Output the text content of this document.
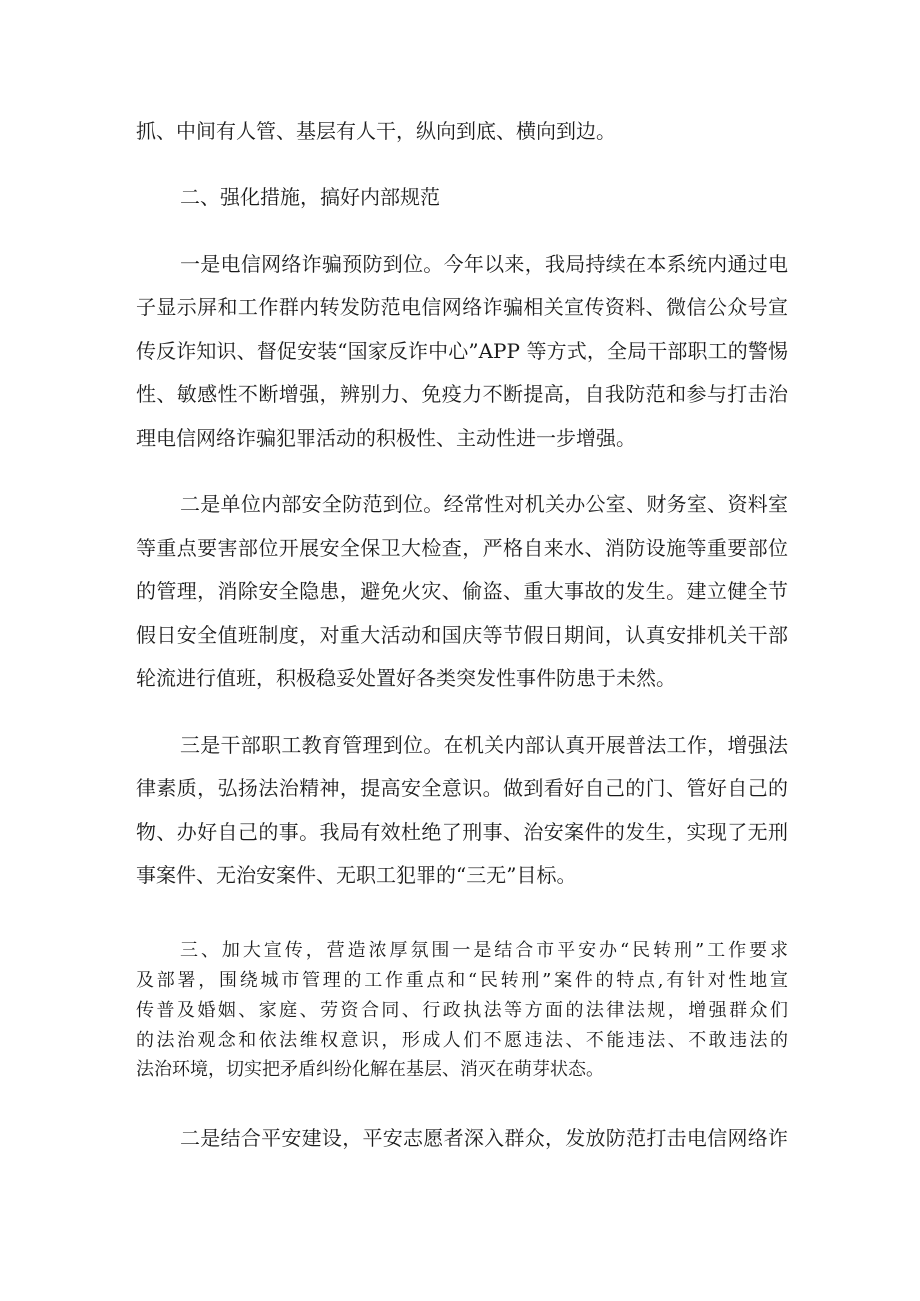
抓、中间有人管、基层有人干，纵向到底、横向到边。
二、强化措施，搞好内部规范
一是电信网络诈骗预防到位。今年以来，我局持续在本系统内通过电
子显示屏和工作群内转发防范电信网络诈骗相关宣传资料、微信公众号宣
传反诈知识、督促安装“国家反诈中心”APP 等方式，全局干部职工的警惕
性、敏感性不断增强，辨别力、免疫力不断提高，自我防范和参与打击治
理电信网络诈骗犯罪活动的积极性、主动性进一步增强。
二是单位内部安全防范到位。经常性对机关办公室、财务室、资料室
等重点要害部位开展安全保卫大检查，严格自来水、消防设施等重要部位
的管理，消除安全隐患，避免火灾、偷盗、重大事故的发生。建立健全节
假日安全值班制度，对重大活动和国庆等节假日期间，认真安排机关干部
轮流进行值班，积极稳妥处置好各类突发性事件防患于未然。
三是干部职工教育管理到位。在机关内部认真开展普法工作，增强法
律素质，弘扬法治精神，提高安全意识。做到看好自己的门、管好自己的
物、办好自己的事。我局有效杜绝了刑事、治安案件的发生，实现了无刑
事案件、无治安案件、无职工犯罪的“三无”目标。
三、加大宣传，营造浓厚氛围一是结合市平安办“民转刑”工作要求
及部署，围绕城市管理的工作重点和“民转刑”案件的特点,有针对性地宣
传普及婚姻、家庭、劳资合同、行政执法等方面的法律法规，增强群众们
的法治观念和依法维权意识，形成人们不愿违法、不能违法、不敢违法的
法治环境，切实把矛盾纠纷化解在基层、消灭在萌芽状态。
二是结合平安建设，平安志愿者深入群众，发放防范打击电信网络诈
